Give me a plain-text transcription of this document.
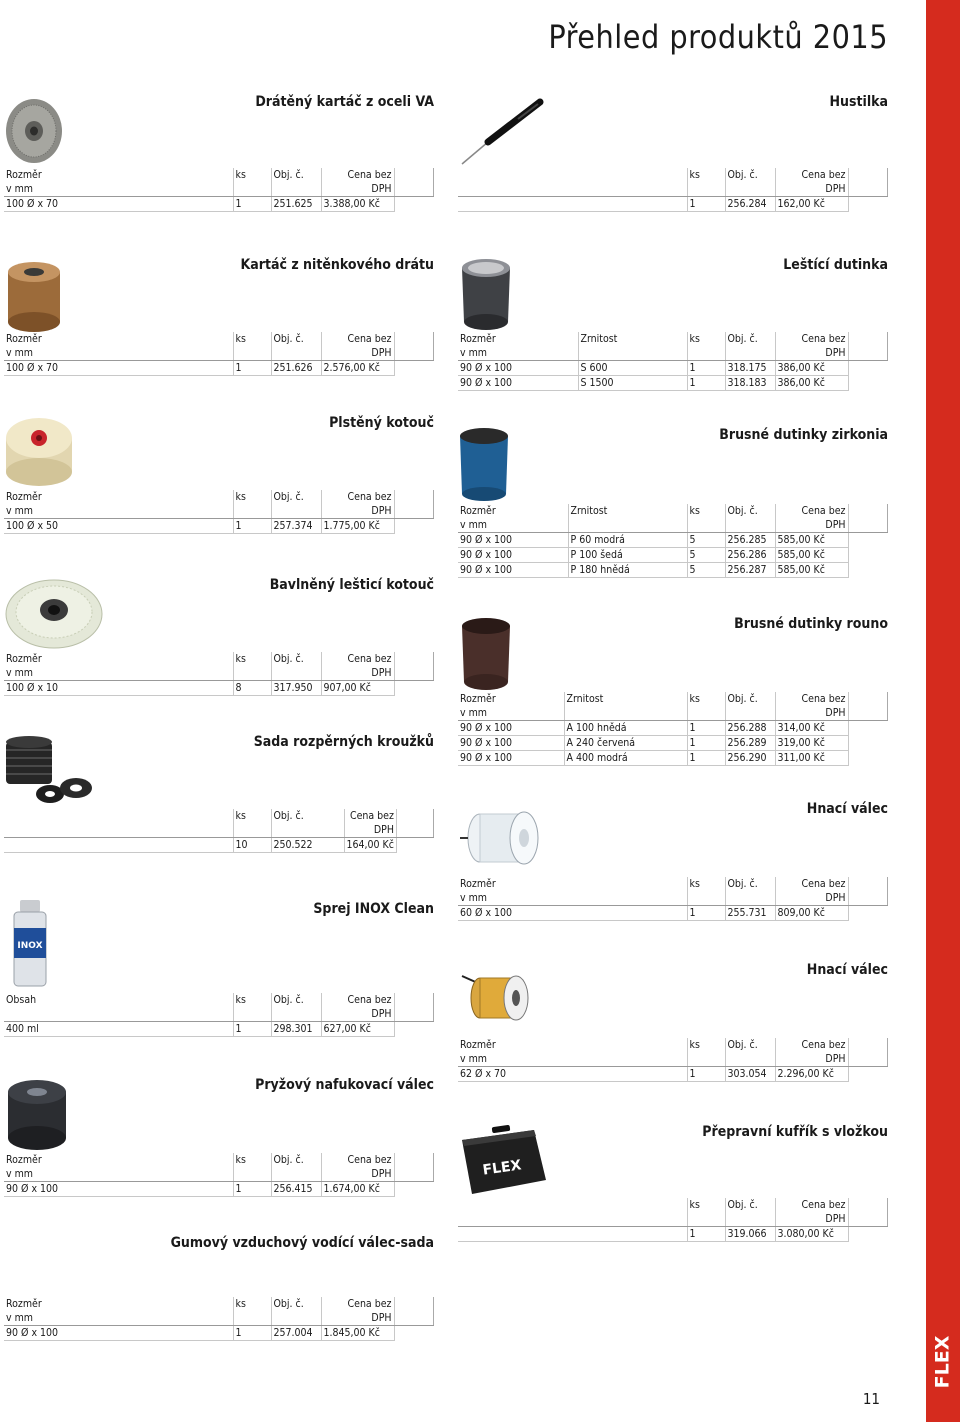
FLEX
Přehled produktů 2015
11
Drátěný kartáč z oceli VA
Rozměr
v mm	ks	Obj. č.	Cena bez
DPH	

100 Ø x 70	1	251.625	3.388,00 Kč	
Kartáč z nitěnkového drátu
Rozměr
v mm	ks	Obj. č.	Cena bez
DPH	

100 Ø x 70	1	251.626	2.576,00 Kč	
Plstěný kotouč
Rozměr
v mm	ks	Obj. č.	Cena bez
DPH	

100 Ø x 50	1	257.374	1.775,00 Kč	
Bavlněný lešticí kotouč
Rozměr
v mm	ks	Obj. č.	Cena bez
DPH	

100 Ø x 10	8	317.950	907,00 Kč	
Sada rozpěrných kroužků
	ks	Obj. č.	Cena bez
DPH	

	10	250.522	164,00 Kč	
INOX
Sprej INOX Clean
Obsah	ks	Obj. č.	Cena bez
DPH	

400 ml	1	298.301	627,00 Kč	
Pryžový nafukovací válec
Rozměr
v mm	ks	Obj. č.	Cena bez
DPH	

90 Ø x 100	1	256.415	1.674,00 Kč	
Gumový vzduchový vodící válec-sada
Rozměr
v mm	ks	Obj. č.	Cena bez
DPH	

90 Ø x 100	1	257.004	1.845,00 Kč	
Hustilka
	ks	Obj. č.	Cena bez
DPH	

	1	256.284	162,00 Kč	
Leštící dutinka
Rozměr
v mm	Zrnitost	ks	Obj. č.	Cena bez
DPH	

90 Ø x 100	S 600	1	318.175	386,00 Kč	
90 Ø x 100	S 1500	1	318.183	386,00 Kč	
Brusné dutinky zirkonia
Rozměr
v mm	Zrnitost	ks	Obj. č.	Cena bez
DPH	

90 Ø x 100	P 60 modrá	5	256.285	585,00 Kč	
90 Ø x 100	P 100 šedá	5	256.286	585,00 Kč	
90 Ø x 100	P 180 hnědá	5	256.287	585,00 Kč	
Brusné dutinky rouno
Rozměr
v mm	Zrnitost	ks	Obj. č.	Cena bez
DPH	

90 Ø x 100	A 100 hnědá	1	256.288	314,00 Kč	
90 Ø x 100	A 240 červená	1	256.289	319,00 Kč	
90 Ø x 100	A 400 modrá	1	256.290	311,00 Kč	
Hnací válec
Rozměr
v mm	ks	Obj. č.	Cena bez
DPH	

60 Ø x 100	1	255.731	809,00 Kč	
Hnací válec
Rozměr
v mm	ks	Obj. č.	Cena bez
DPH	

62 Ø x 70	1	303.054	2.296,00 Kč	
FLEX
Přepravní kufřík s vložkou
	ks	Obj. č.	Cena bez
DPH	

	1	319.066	3.080,00 Kč	
